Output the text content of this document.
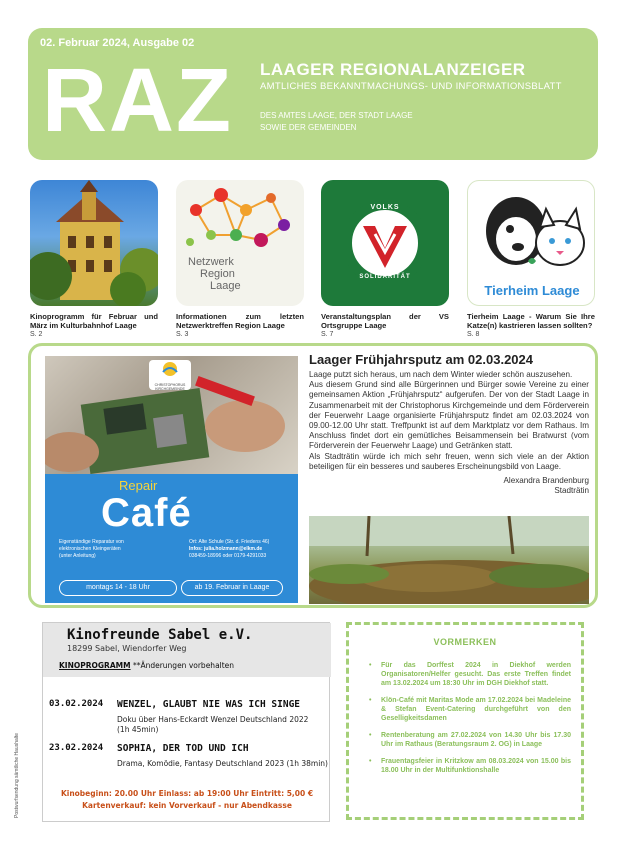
02. Februar 2024, Ausgabe 02
RAZ LAAGER REGIONALANZEIGER
AMTLICHES BEKANNTMACHUNGS- UND INFORMATIONSBLATT
DES AMTES LAAGE, DER STADT LAAGE
SOWIE DER GEMEINDEN
Kinoprogramm für Februar und März im Kulturbahnhof Laage
S. 2
Netzwerk
Region
Laage
Informationen zum letzten Netzwerktreffen Region Laage
S. 3
VOLKS
SOLIDARITÄT
Veranstaltungsplan der VS Ortsgruppe Laage
S. 7
Tierheim Laage
Tierheim Laage - Warum Sie Ihre Katze(n) kastrieren lassen sollten?
S. 8
CHRISTOPHORUS
KIRCHGEMEINDE
Repair
Café
Eigenständige Reparatur von
elektronischen Kleingeräten
(unter Anleitung)
Ort: Alte Schule (Str. d. Friedens 46)
Infos: julia.holzmann@elkm.de
038459-18996 oder 0179-4291033
montags 14 - 18 Uhr	ab 19. Februar in Laage
Laager Frühjahrsputz am 02.03.2024

Laage putzt sich heraus, um nach dem Winter wieder schön auszusehen.

Aus diesem Grund sind alle Bürgerinnen und Bürger sowie Vereine zu einer gemeinsamen Aktion „Frühjahrsputz“ aufgerufen. Der von der Stadt Laage in Zusammenarbeit mit der Christophorus Kirchgemeinde und dem Förderverein der Feuerwehr Laage organisierte Frühjahrsputz findet am 02.03.2024 von 09.00-12.00 Uhr statt. Treffpunkt ist auf dem Marktplatz vor dem Rathaus. Im Anschluss findet dort ein gemütliches Beisammensein bei Bratwurst (vom Förderverein der Feuerwehr Laage) und Getränken statt.

Als Stadträtin würde ich mich sehr freuen, wenn sich viele an der Aktion beteiligen für ein besseres und sauberes Erscheinungsbild von Laage.

Alexandra Brandenburg

Stadträtin

Kinofreunde Sabel e.V.
18299 Sabel, Wiendorfer Weg
KINOPROGRAMM **Änderungen vorbehalten
03.02.2024 WENZEL, GLAUBT NIE WAS ICH SINGE
Doku über Hans-Eckardt Wenzel Deutschland 2022
(1h 45min)
23.02.2024 SOPHIA, DER TOD UND ICH
Drama, Komödie, Fantasy Deutschland 2023 (1h 38min)
Kinobeginn: 20.00 Uhr Einlass: ab 19:00 Uhr Eintritt: 5,00 €
Kartenverkauf: kein Vorverkauf - nur Abendkasse
VORMERKEN
• Für das Dorffest 2024 in Diekhof werden Organisatoren/Helfer gesucht. Das erste Treffen findet am 13.02.2024 um 18:30 Uhr im DGH Diekhof statt.
• Klön-Café mit Maritas Mode am 17.02.2024 bei Madeleine & Stefan Event-Catering durchgeführt von den Geselligkeitsdamen
• Rentenberatung am 27.02.2024 von 14.30 Uhr bis 17.30 Uhr im Rathaus (Beratungsraum 2. OG) in Laage
• Frauentagsfeier in Kritzkow am 08.03.2024 von 15.00 bis 18.00 Uhr in der Multifunktionshalle
Postwurfsendung sämtliche Haushalte
